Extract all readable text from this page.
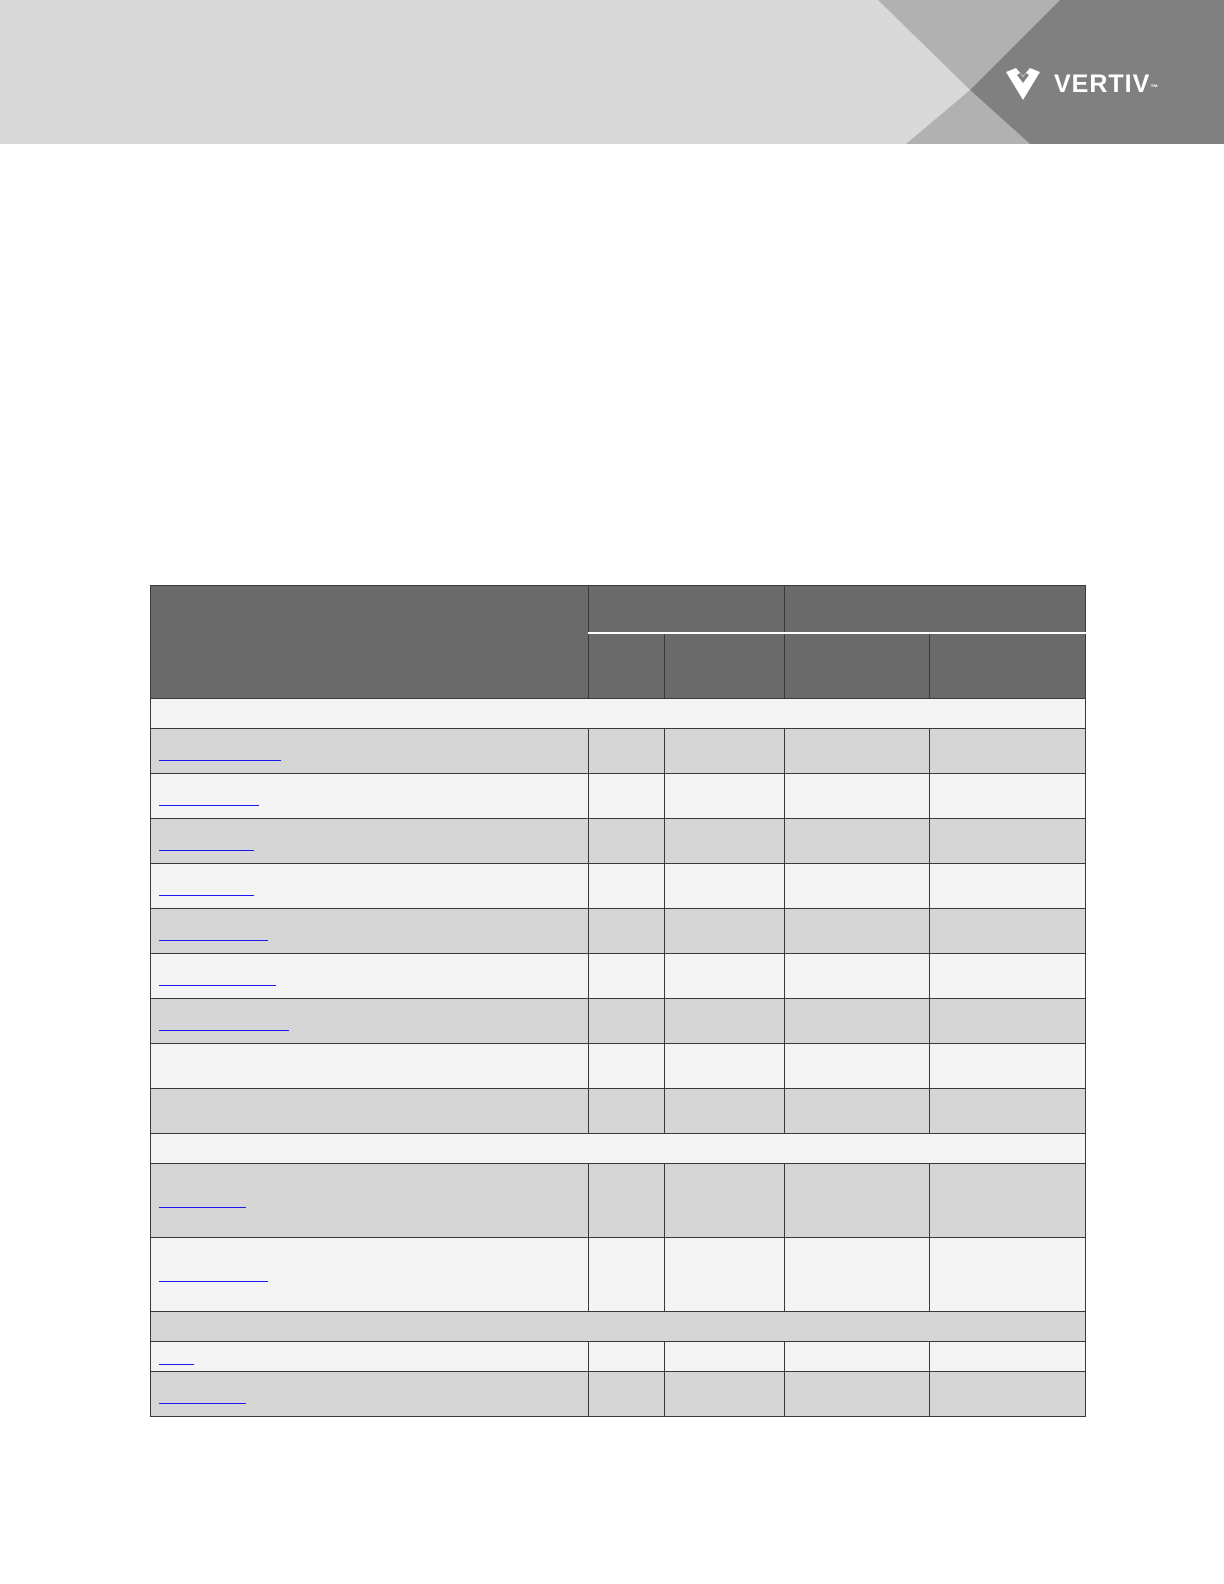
VERTIV™
